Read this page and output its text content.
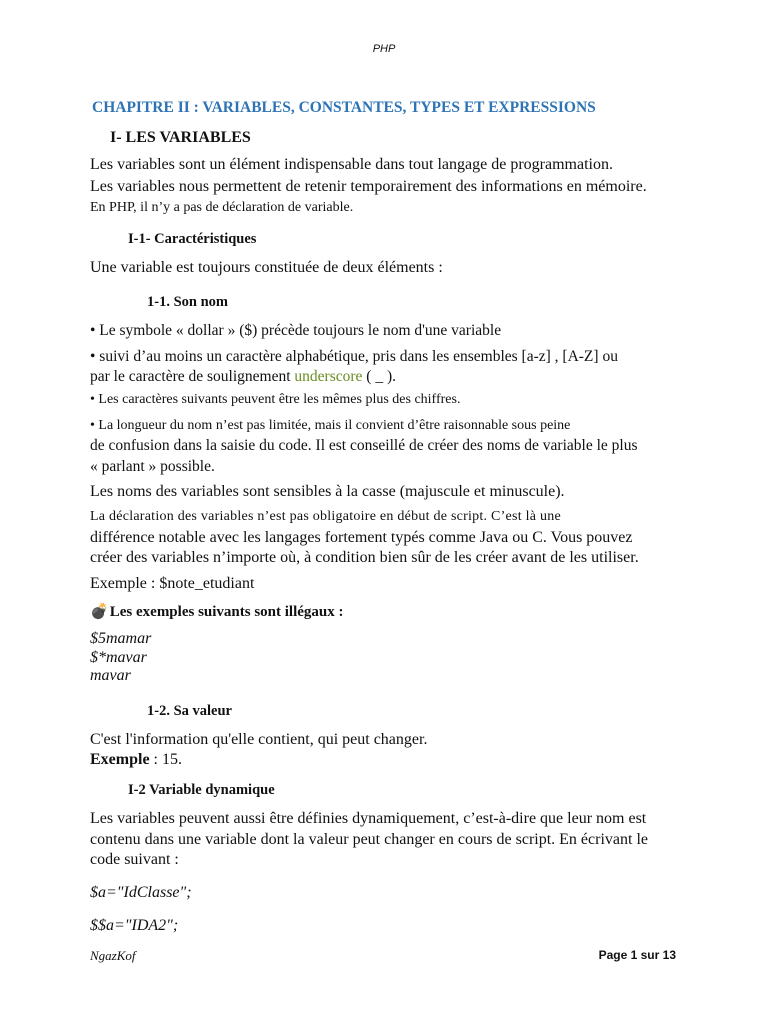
PHP
CHAPITRE II : VARIABLES, CONSTANTES, TYPES ET EXPRESSIONS
I- LES VARIABLES
Les variables sont un élément indispensable dans tout langage de programmation.
Les variables nous permettent de retenir temporairement des informations en mémoire.
En PHP, il n’y a pas de déclaration de variable.
I-1- Caractéristiques
Une variable est toujours constituée de deux éléments :
1-1. Son nom
• Le symbole « dollar » ($) précède toujours le nom d'une variable
• suivi d’au moins un caractère alphabétique, pris dans les ensembles [a-z] , [A-Z] ou
par le caractère de soulignement underscore ( _ ).
• Les caractères suivants peuvent être les mêmes plus des chiffres.
• La longueur du nom n’est pas limitée, mais il convient d’être raisonnable sous peine
de confusion dans la saisie du code. Il est conseillé de créer des noms de variable le plus
« parlant » possible.
Les noms des variables sont sensibles à la casse (majuscule et minuscule).
La déclaration des variables n’est pas obligatoire en début de script. C’est là une
différence notable avec les langages fortement typés comme Java ou C. Vous pouvez
créer des variables n’importe où, à condition bien sûr de les créer avant de les utiliser.
Exemple : $note_etudiant
💣 Les exemples suivants sont illégaux :
$5mamar
$*mavar
mavar
1-2. Sa valeur
C'est l'information qu'elle contient, qui peut changer.
Exemple : 15.
I-2 Variable dynamique
Les variables peuvent aussi être définies dynamiquement, c’est-à-dire que leur nom est
contenu dans une variable dont la valeur peut changer en cours de script. En écrivant le
code suivant :
$a="IdClasse";
$$a="IDA2";
NgazKof	Page 1 sur 13
